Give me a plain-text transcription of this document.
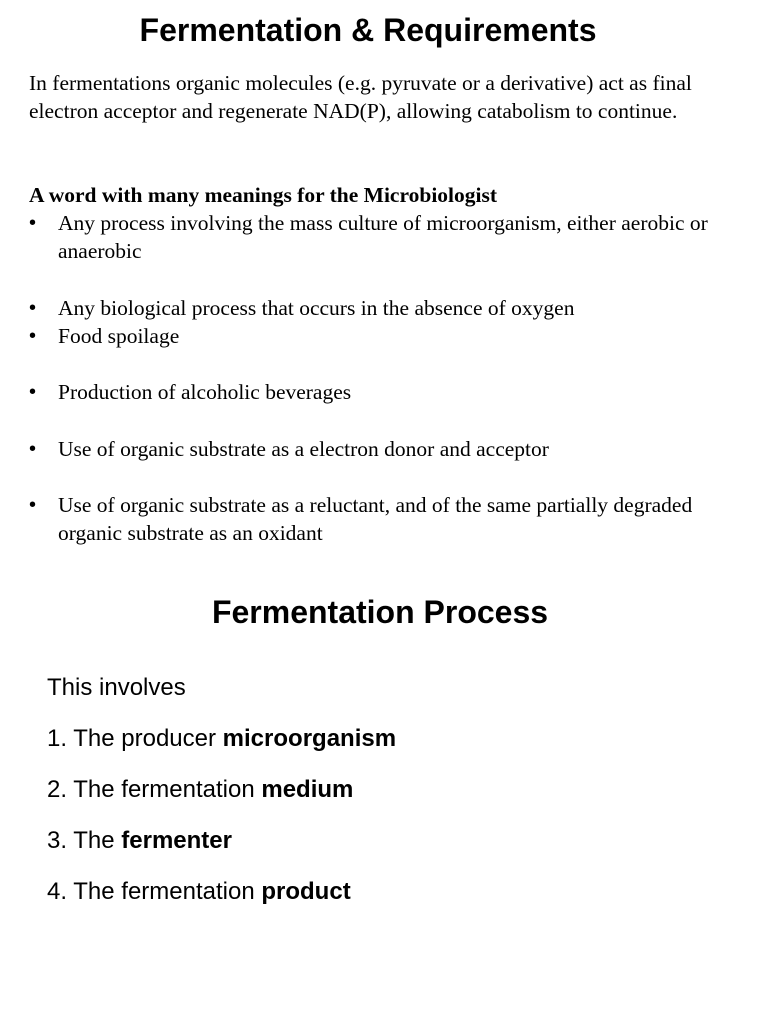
Fermentation & Requirements

In fermentations organic molecules (e.g. pyruvate or a derivative) act as final electron acceptor and regenerate NAD(P), allowing catabolism to continue.

A word with many meanings for the Microbiologist

•	Any process involving the mass culture of microorganism, either aerobic or anaerobic
•	Any biological process that occurs in the absence of oxygen
•	Food spoilage
•	Production of alcoholic beverages
•	Use of organic substrate as a electron donor and acceptor
•	Use of organic substrate as a reluctant, and of the same partially degraded organic substrate as an oxidant
Fermentation Process

This involves

1. The producer microorganism

2. The fermentation medium

3. The fermenter

4. The fermentation product
